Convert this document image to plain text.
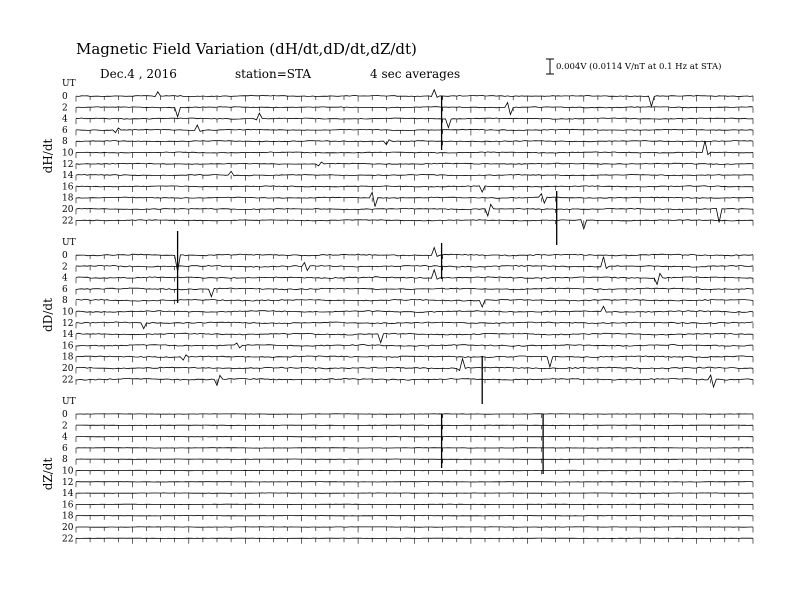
Magnetic Field Variation (dH/dt,dD/dt,dZ/dt)
Dec.4 , 2016	station=STA	4 sec averages	0.004V (0.0114 V/nT at 0.1 Hz at STA)
UT
dH/dt
0
2
4
6
8
10
12
14
16
18
20
22
UT
dD/dt
0
2
4
6
8
10
12
14
16
18
20
22
UT
dZ/dt
0
2
4
6
8
10
12
14
16
18
20
22
